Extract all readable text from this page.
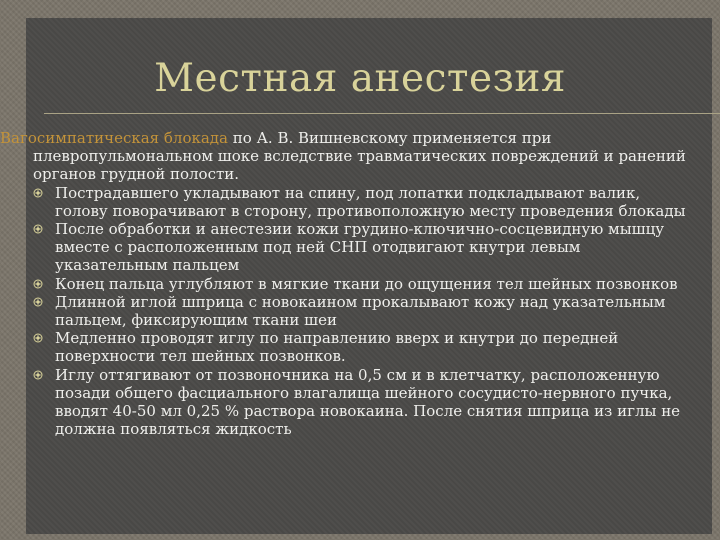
Местная анестезия
Вагосимпатическая блокада по А. В. Вишневскому применяется при
плевропульмональном шоке вследствие травматических повреждений и ранений органов грудной полости.
Пострадавшего укладывают на спину, под лопатки подкладывают валик, голову поворачивают в сторону, противоположную месту проведения блокады
После обработки и анестезии кожи грудино-ключично-сосцевидную мышцу вместе с расположенным под ней СНП отодвигают кнутри левым указательным пальцем
Конец пальца углубляют в мягкие ткани до ощущения тел шейных позвонков
Длинной иглой шприца с новокаином прокалывают кожу над указательным пальцем, фиксирующим ткани шеи
Медленно проводят иглу по направлению вверх и кнутри до передней поверхности тел шейных позвонков.
Иглу оттягивают от позвоночника на 0,5 см и в клетчатку, расположенную позади общего фасциального влагалища шейного сосудисто-нервного пучка, вводят 40-50 мл 0,25 % раствора новокаина. После снятия шприца из иглы не должна появляться жидкость
